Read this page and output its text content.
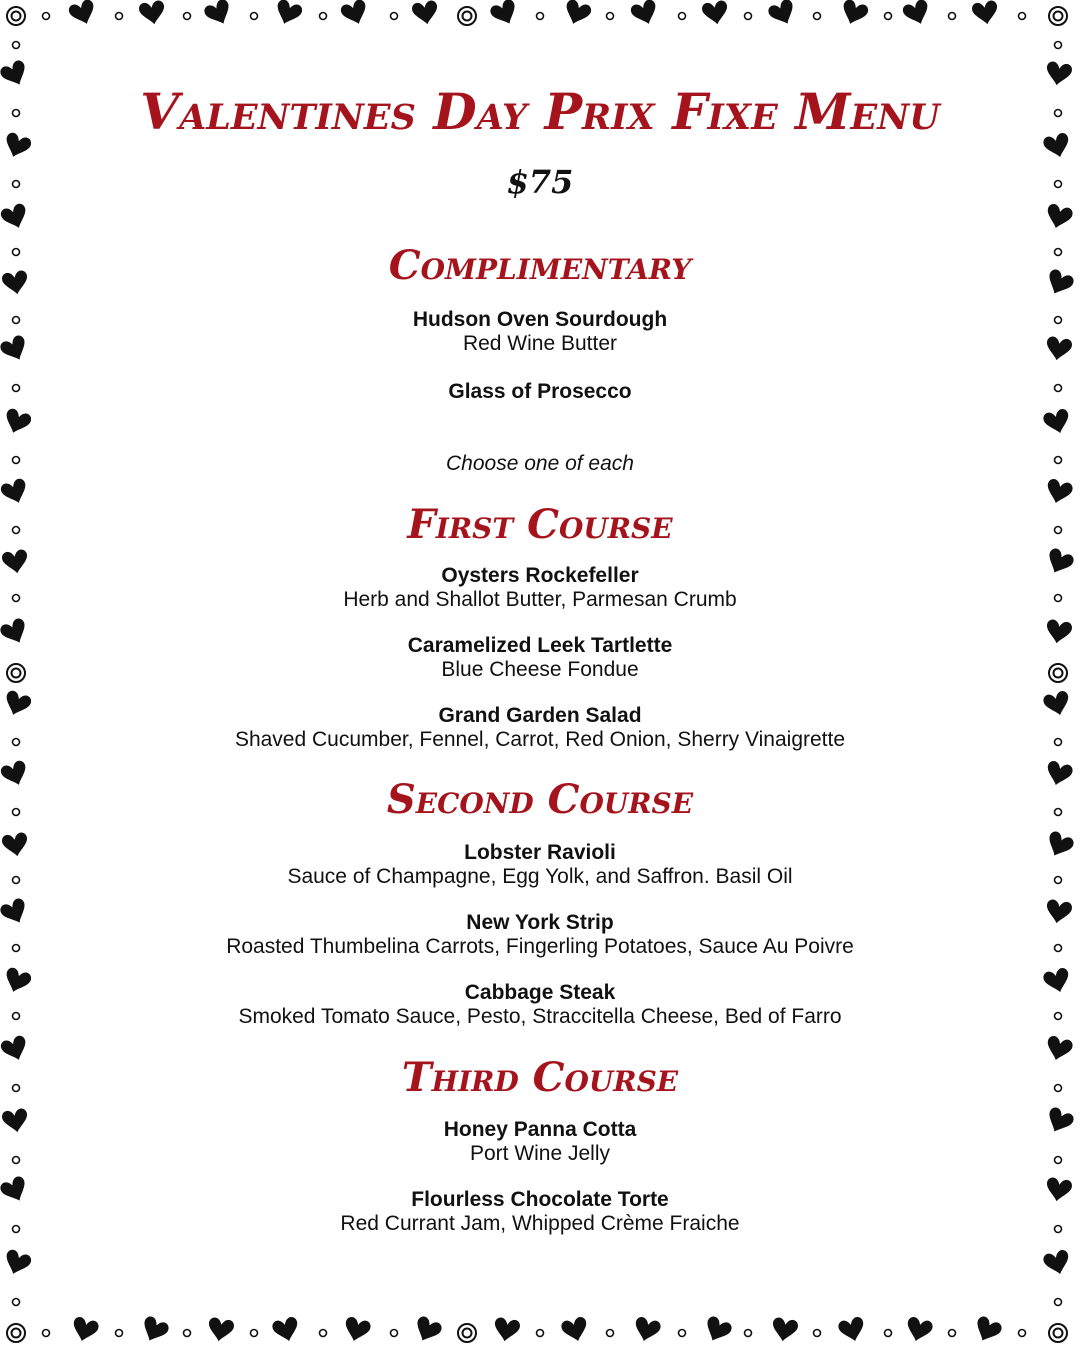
Valentines Day Prix Fixe Menu
$75
Complimentary
Hudson Oven Sourdough
Red Wine Butter
Glass of Prosecco
Choose one of each
First Course
Oysters Rockefeller
Herb and Shallot Butter, Parmesan Crumb
Caramelized Leek Tartlette
Blue Cheese Fondue
Grand Garden Salad
Shaved Cucumber, Fennel, Carrot, Red Onion, Sherry Vinaigrette
Second Course
Lobster Ravioli
Sauce of Champagne, Egg Yolk, and Saffron. Basil Oil
New York Strip
Roasted Thumbelina Carrots, Fingerling Potatoes, Sauce Au Poivre
Cabbage Steak
Smoked Tomato Sauce, Pesto, Straccitella Cheese, Bed of Farro
Third Course
Honey Panna Cotta
Port Wine Jelly
Flourless Chocolate Torte
Red Currant Jam, Whipped Crème Fraiche
